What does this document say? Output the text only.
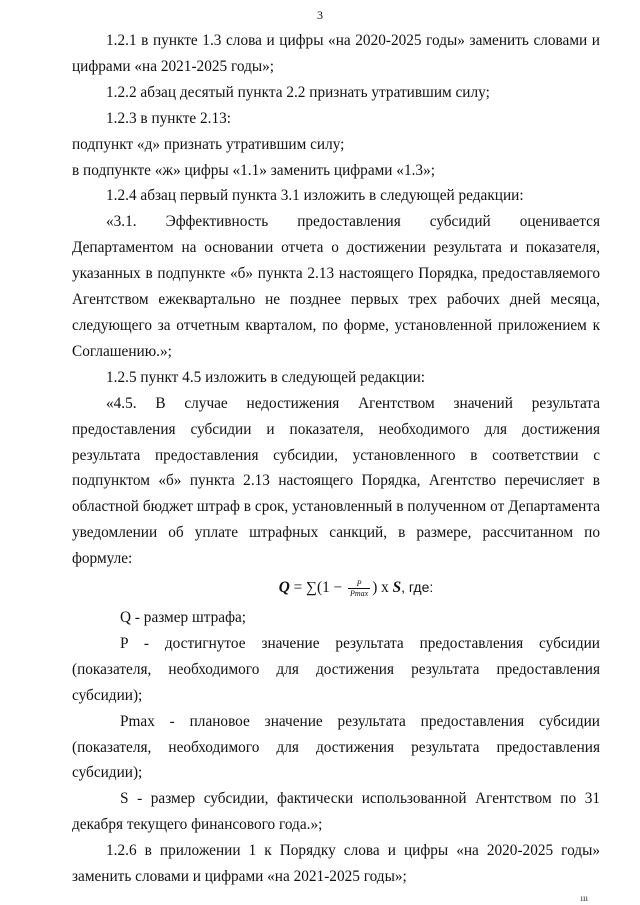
3

1.2.1 в пункте 1.3 слова и цифры «на 2020-2025 годы» заменить словами и цифрами «на 2021-2025 годы»;

1.2.2 абзац десятый пункта 2.2 признать утратившим силу;

1.2.3 в пункте 2.13:

подпункт «д» признать утратившим силу;

в подпункте «ж» цифры «1.1» заменить цифрами «1.3»;

1.2.4 абзац первый пункта 3.1 изложить в следующей редакции:

«3.1. Эффективность предоставления субсидий оценивается Департаментом на основании отчета о достижении результата и показателя, указанных в подпункте «б» пункта 2.13 настоящего Порядка, предоставляемого Агентством ежеквартально не позднее первых трех рабочих дней месяца, следующего за отчетным кварталом, по форме, установленной приложением к Соглашению.»;

1.2.5 пункт 4.5 изложить в следующей редакции:

«4.5. В случае недостижения Агентством значений результата предоставления субсидии и показателя, необходимого для достижения результата предоставления субсидии, установленного в соответствии с подпунктом «б» пункта 2.13 настоящего Порядка, Агентство перечисляет в областной бюджет штраф в срок, установленный в полученном от Департамента уведомлении об уплате штрафных санкций, в размере, рассчитанном по формуле:

$Q = \sum(1 - \frac{P}{Pmax}$ ) x S, где:

Q - размер штрафа;

P - достигнутое значение результата предоставления субсидии (показателя, необходимого для достижения результата предоставления субсидии);

Pmax - плановое значение результата предоставления субсидии (показателя, необходимого для достижения результата предоставления субсидии);

S - размер субсидии, фактически использованной Агентством по 31 декабря текущего финансового года.»;

1.2.6 в приложении 1 к Порядку слова и цифры «на 2020-2025 годы» заменить словами и цифрами «на 2021-2025 годы»;

ııı
